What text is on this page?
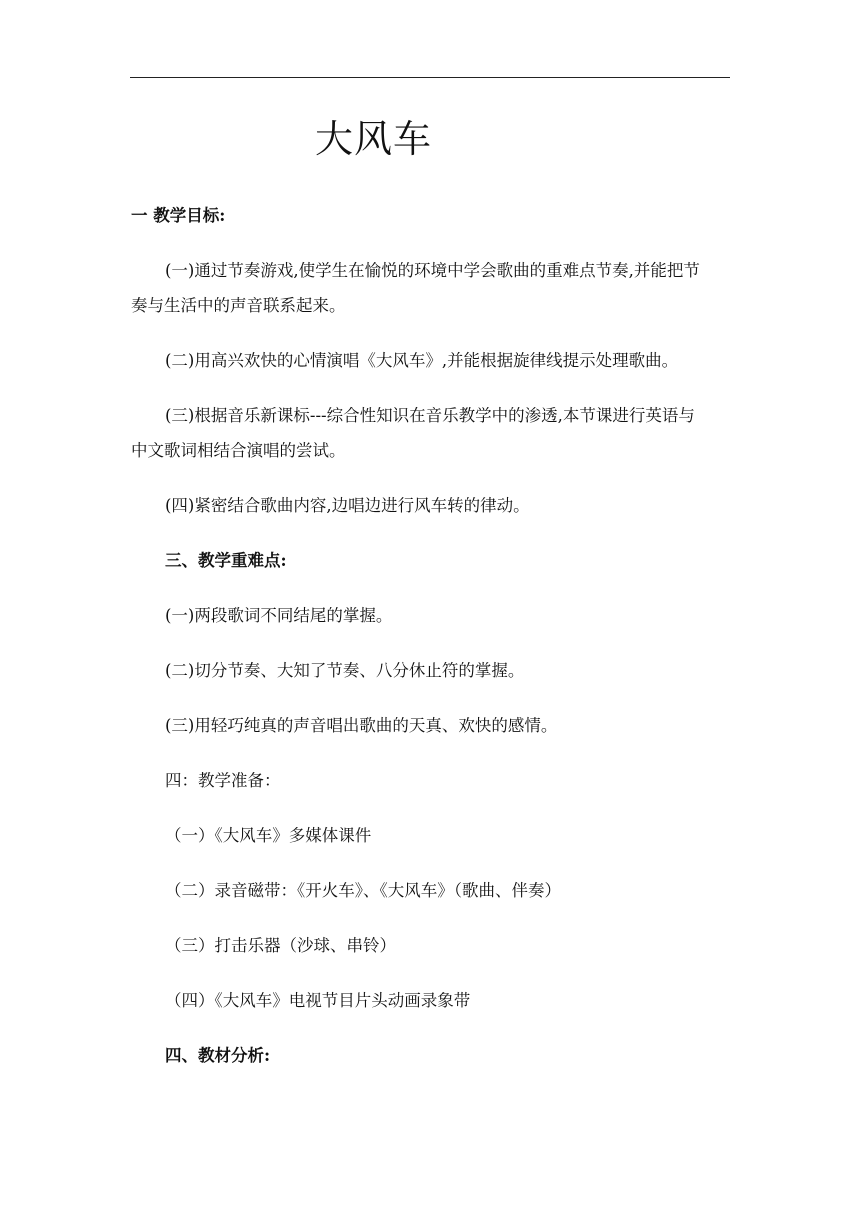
大风车
一 教学目标:
(一)通过节奏游戏,使学生在愉悦的环境中学会歌曲的重难点节奏,并能把节
奏与生活中的声音联系起来。
(二)用高兴欢快的心情演唱《大风车》,并能根据旋律线提示处理歌曲。
(三)根据音乐新课标---综合性知识在音乐教学中的渗透,本节课进行英语与
中文歌词相结合演唱的尝试。
(四)紧密结合歌曲内容,边唱边进行风车转的律动。
三、教学重难点:
(一)两段歌词不同结尾的掌握。
(二)切分节奏、大知了节奏、八分休止符的掌握。
(三)用轻巧纯真的声音唱出歌曲的天真、欢快的感情。
四：教学准备：
（一）《大风车》多媒体课件
（二）录音磁带：《开火车》、《大风车》（歌曲、伴奏）
（三）打击乐器（沙球、串铃）
（四）《大风车》电视节目片头动画录象带
四、教材分析:
